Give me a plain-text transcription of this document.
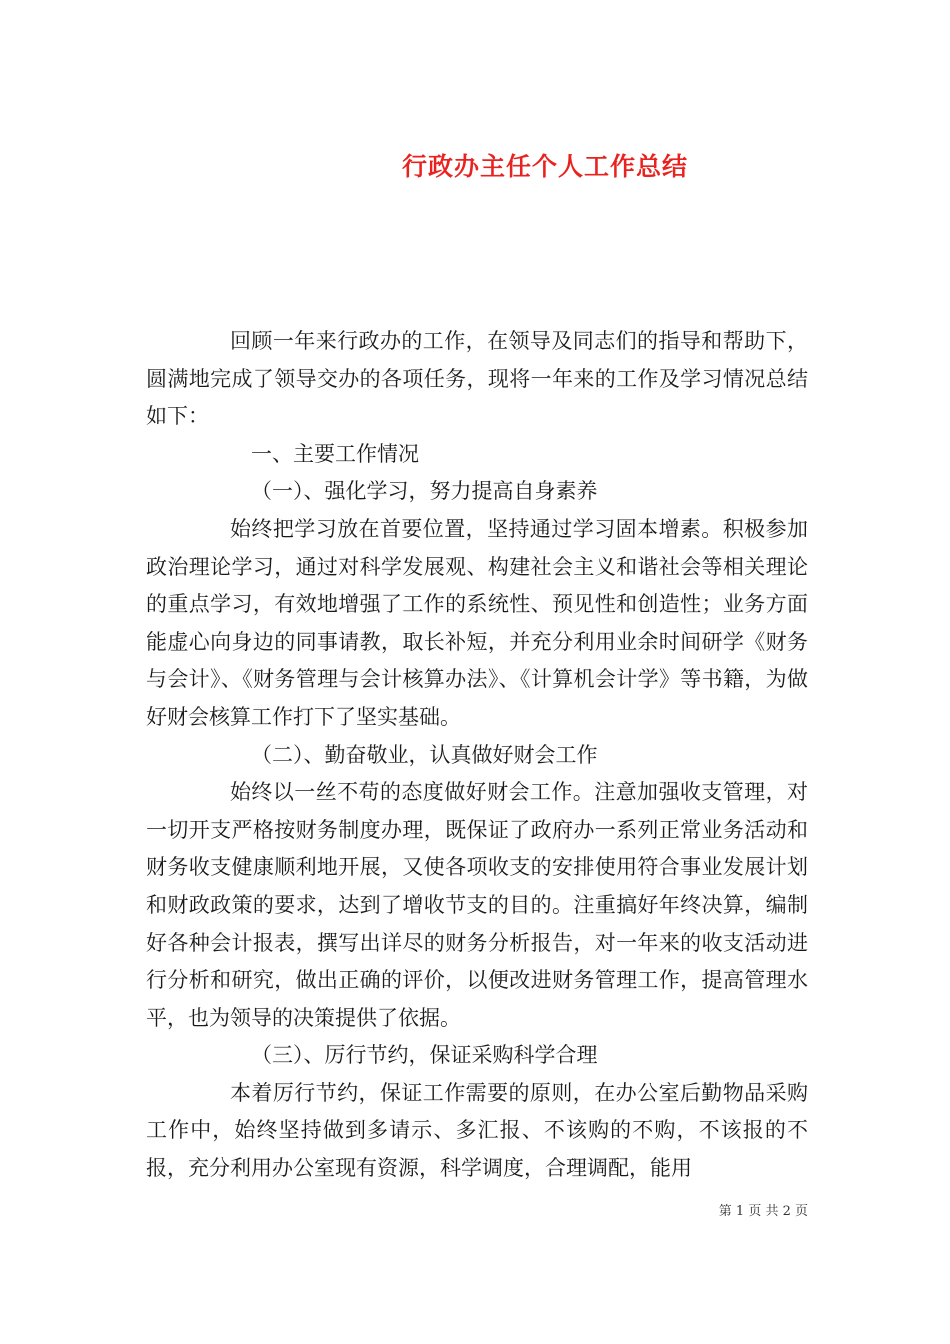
行政办主任个人工作总结

回顾一年来行政办的工作，在领导及同志们的指导和帮助下，圆满地完成了领导交办的各项任务，现将一年来的工作及学习情况总结如下：

一、主要工作情况

（一）、强化学习，努力提高自身素养

始终把学习放在首要位置，坚持通过学习固本增素。积极参加政治理论学习，通过对科学发展观、构建社会主义和谐社会等相关理论的重点学习，有效地增强了工作的系统性、预见性和创造性；业务方面能虚心向身边的同事请教，取长补短，并充分利用业余时间研学《财务与会计》、《财务管理与会计核算办法》、《计算机会计学》等书籍，为做好财会核算工作打下了坚实基础。

（二）、勤奋敬业，认真做好财会工作

始终以一丝不苟的态度做好财会工作。注意加强收支管理，对一切开支严格按财务制度办理，既保证了政府办一系列正常业务活动和财务收支健康顺利地开展，又使各项收支的安排使用符合事业发展计划和财政政策的要求，达到了增收节支的目的。注重搞好年终决算，编制好各种会计报表，撰写出详尽的财务分析报告，对一年来的收支活动进行分析和研究，做出正确的评价，以便改进财务管理工作，提高管理水平，也为领导的决策提供了依据。

（三）、厉行节约，保证采购科学合理

本着厉行节约，保证工作需要的原则，在办公室后勤物品采购工作中，始终坚持做到多请示、多汇报、不该购的不购，不该报的不报，充分利用办公室现有资源，科学调度，合理调配，能用

第 1 页 共 2 页
